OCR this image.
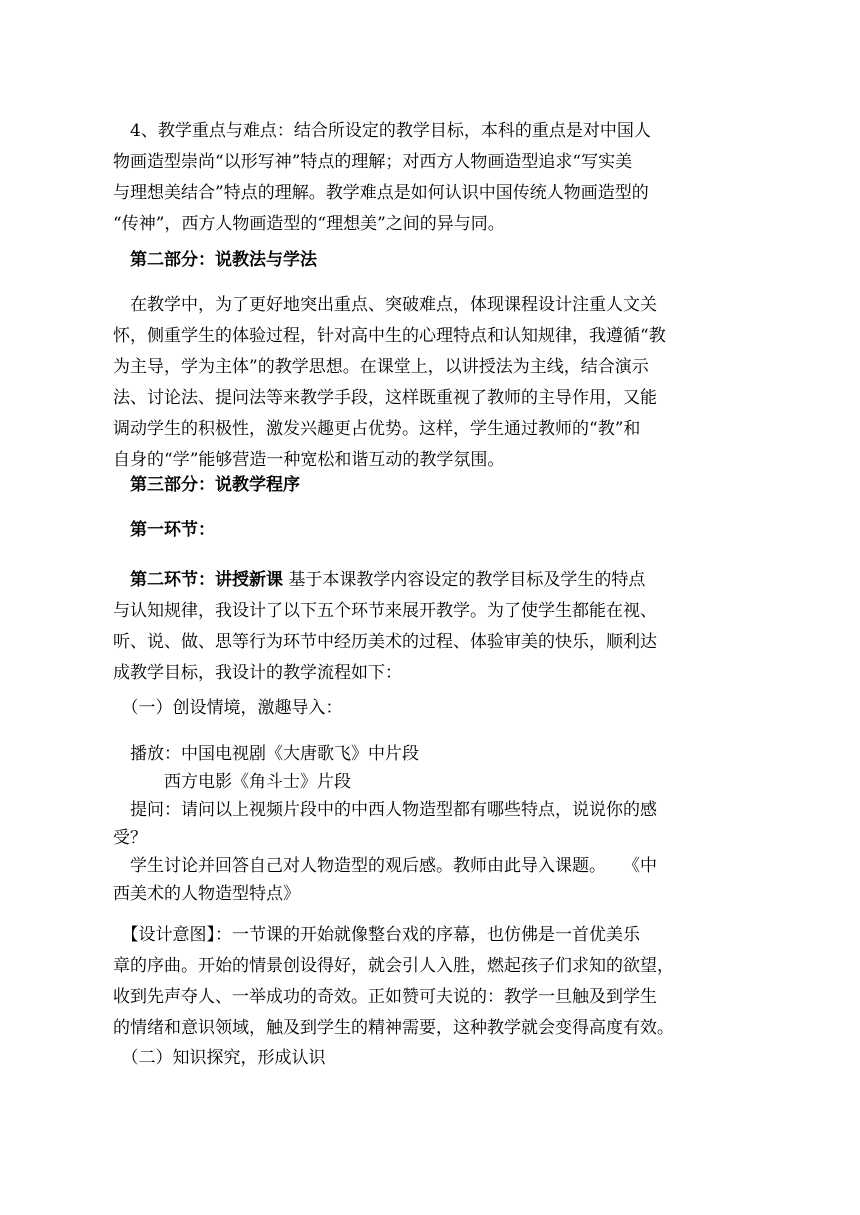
　4、教学重点与难点：结合所设定的教学目标，本科的重点是对中国人
物画造型崇尚“以形写神”特点的理解；对西方人物画造型追求“写实美
与理想美结合”特点的理解。教学难点是如何认识中国传统人物画造型的
“传神”，西方人物画造型的“理想美”之间的异与同。
　第二部分：说教法与学法
　在教学中，为了更好地突出重点、突破难点，体现课程设计注重人文关
怀，侧重学生的体验过程，针对高中生的心理特点和认知规律，我遵循“教
为主导，学为主体”的教学思想。在课堂上，以讲授法为主线，结合演示
法、讨论法、提问法等来教学手段，这样既重视了教师的主导作用，又能
调动学生的积极性，激发兴趣更占优势。这样，学生通过教师的“教”和
自身的“学”能够营造一种宽松和谐互动的教学氛围。
　第三部分：说教学程序
　第一环节：
　第二环节：讲授新课 基于本课教学内容设定的教学目标及学生的特点
与认知规律，我设计了以下五个环节来展开教学。为了使学生都能在视、
听、说、做、思等行为环节中经历美术的过程、体验审美的快乐，顺利达
成教学目标，我设计的教学流程如下：
　（一）创设情境，激趣导入：
　播放：中国电视剧《大唐歌飞》中片段
　　　西方电影《角斗士》片段
　提问：请问以上视频片段中的中西人物造型都有哪些特点，说说你的感
受？
　学生讨论并回答自己对人物造型的观后感。教师由此导入课题。　　《中
西美术的人物造型特点》
　【设计意图】：一节课的开始就像整台戏的序幕，也仿佛是一首优美乐
章的序曲。开始的情景创设得好，就会引人入胜，燃起孩子们求知的欲望，
收到先声夺人、一举成功的奇效。正如赞可夫说的：教学一旦触及到学生
的情绪和意识领域，触及到学生的精神需要，这种教学就会变得高度有效。
　（二）知识探究，形成认识
